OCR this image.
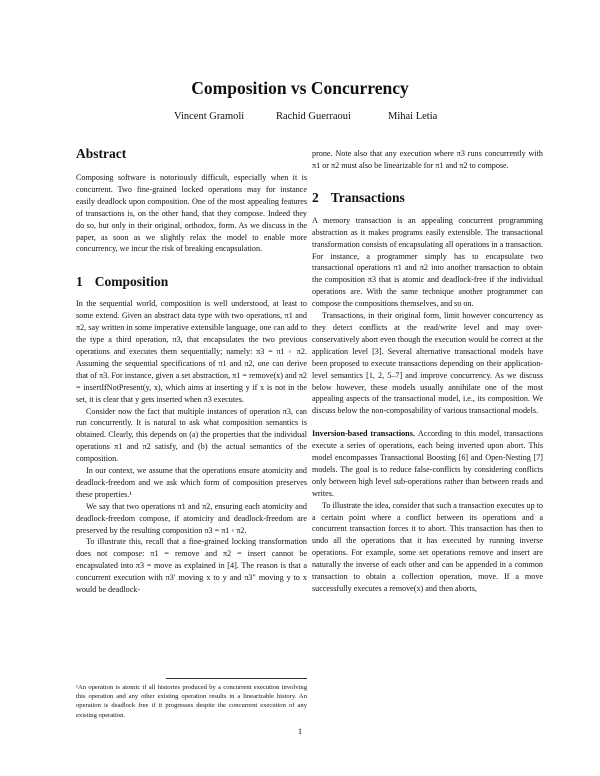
Composition vs Concurrency
Vincent Gramoli	Rachid Guerraoui	Mihai Letia
Abstract

Composing software is notoriously difficult, especially when it is concurrent. Two fine-grained locked operations may for instance easily deadlock upon composition. One of the most appealing features of transactions is, on the other hand, that they compose. Indeed they do so, but only in their original, orthodox, form. As we discuss in the paper, as soon as we slightly relax the model to enable more concurrency, we incur the risk of breaking encapsulation.

1 Composition

In the sequential world, composition is well understood, at least to some extend. Given an abstract data type with two operations, π1 and π2, say written in some imperative extensible language, one can add to the type a third operation, π3, that encapsulates the two previous operations and executes them sequentially; namely: π3 = π1 ◦ π2. Assuming the sequential specifications of π1 and π2, one can derive that of π3. For instance, given a set abstraction, π1 = remove(x) and π2 = insertIfNotPresent(y, x), which aims at inserting y if x is not in the set, it is clear that y gets inserted when π3 executes.

Consider now the fact that multiple instances of operation π3, can run concurrently. It is natural to ask what composition semantics is obtained. Clearly, this depends on (a) the properties that the individual operations π1 and π2 satisfy, and (b) the actual semantics of the composition.

In our context, we assume that the operations ensure atomicity and deadlock-freedom and we ask which form of composition preserves these properties.¹

We say that two operations π1 and π2, ensuring each atomicity and deadlock-freedom compose, if atomicity and deadlock-freedom are preserved by the resulting composition π3 = π1 ◦ π2.

To illustrate this, recall that a fine-grained locking transformation does not compose: π1 = remove and π2 = insert cannot be encapsulated into π3 = move as explained in [4]. The reason is that a concurrent execution with π3′ moving x to y and π3″ moving y to x would be deadlock-

¹An operation is atomic if all histories produced by a concurrent execution involving this operation and any other existing operation results in a linearizable history. An operation is deadlock free if it progresses despite the concurrent execution of any existing operation.

prone. Note also that any execution where π3 runs concurrently with π1 or π2 must also be linearizable for π1 and π2 to compose.

2 Transactions

A memory transaction is an appealing concurrent programming abstraction as it makes programs easily extensible. The transactional transformation consists of encapsulating all operations in a transaction. For instance, a programmer simply has to encapsulate two transactional operations π1 and π2 into another transaction to obtain the composition π3 that is atomic and deadlock-free if the individual operations are. With the same technique another programmer can compose the compositions themselves, and so on.

Transactions, in their original form, limit however concurrency as they detect conflicts at the read/write level and may over-conservatively abort even though the execution would be correct at the application level [3]. Several alternative transactional models have been proposed to execute transactions depending on their application-level semantics [1, 2, 5–7] and improve concurrency. As we discuss below however, these models usually annihilate one of the most appealing aspects of the transactional model, i.e., its composition. We discuss below the non-composability of various transactional models.

Inversion-based transactions. According to this model, transactions execute a series of operations, each being inverted upon abort. This model encompasses Transactional Boosting [6] and Open-Nesting [7] models. The goal is to reduce false-conflicts by considering conflicts only between high level sub-operations rather than between reads and writes.

To illustrate the idea, consider that such a transaction executes up to a certain point where a conflict between its operations and a concurrent transaction forces it to abort. This transaction has then to undo all the operations that it has executed by running inverse operations. For example, some set operations remove and insert are naturally the inverse of each other and can be appended in a common transaction to obtain a collection operation, move. If a move successfully executes a remove(x) and then aborts,

1
